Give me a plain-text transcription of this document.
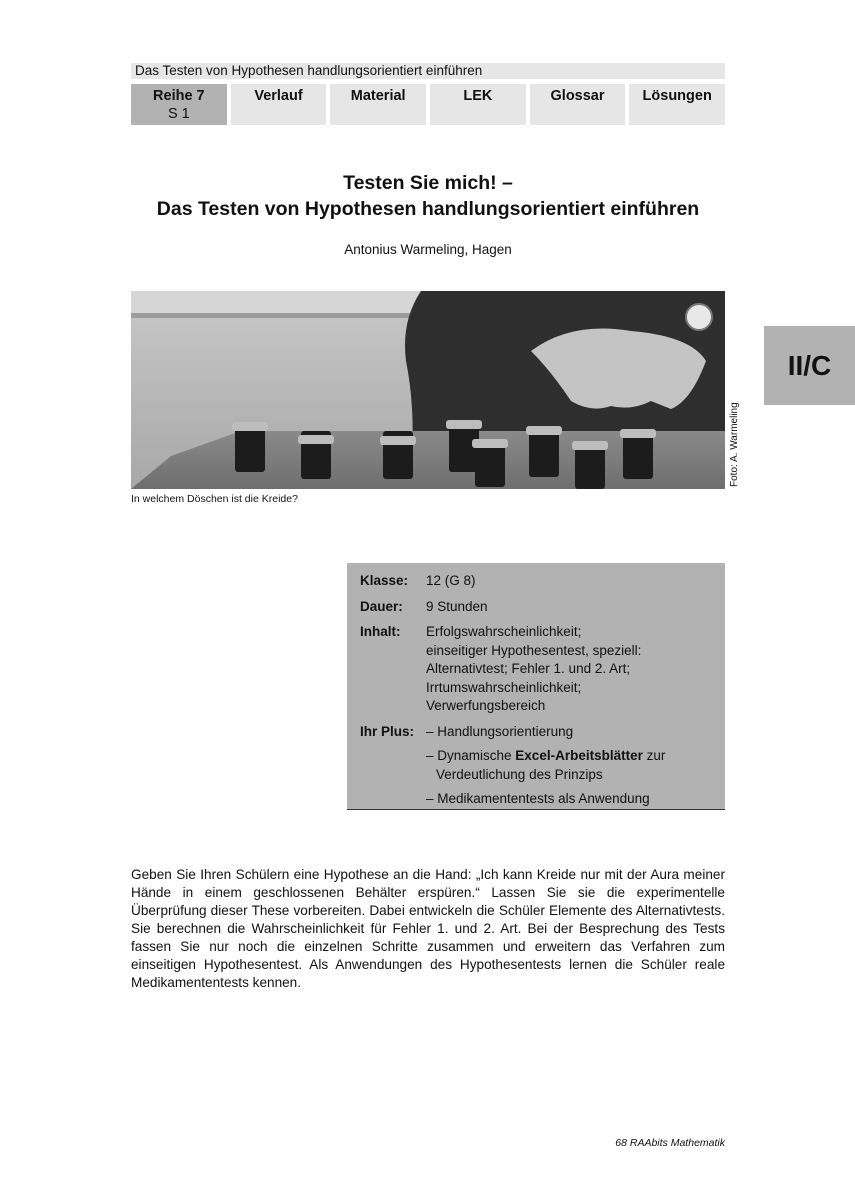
Das Testen von Hypothesen handlungsorientiert einführen
Reihe 7
S 1
Verlauf	Material	LEK	Glossar	Lösungen
II/C
Testen Sie mich! –
Das Testen von Hypothesen handlungsorientiert einführen
Antonius Warmeling, Hagen
In welchem Döschen ist die Kreide?
Foto: A. Warmeling
Klasse:	12 (G 8)
Dauer:	9 Stunden
Inhalt:	Erfolgswahrscheinlichkeit;
einseitiger Hypothesentest, speziell:
Alternativtest; Fehler 1. und 2. Art;
Irrtumswahrscheinlichkeit;
Verwerfungsbereich
Ihr Plus: – Handlungsorientierung
– Dynamische Excel-Arbeitsblätter zur Verdeutlichung des Prinzips
– Medikamententests als Anwendung
Geben Sie Ihren Schülern eine Hypothese an die Hand: „Ich kann Kreide nur mit der Aura meiner Hände in einem geschlossenen Behälter erspüren.“ Lassen Sie sie die experimentelle Überprüfung dieser These vorbereiten. Dabei entwickeln die Schüler Elemente des Alternativtests. Sie berechnen die Wahrscheinlichkeit für Fehler 1. und 2. Art. Bei der Besprechung des Tests fassen Sie nur noch die einzelnen Schritte zusammen und erweitern das Verfahren zum einseitigen Hypothesentest. Als Anwendungen des Hypothesentests lernen die Schüler reale Medikamententests kennen.
68 RAAbits Mathematik
